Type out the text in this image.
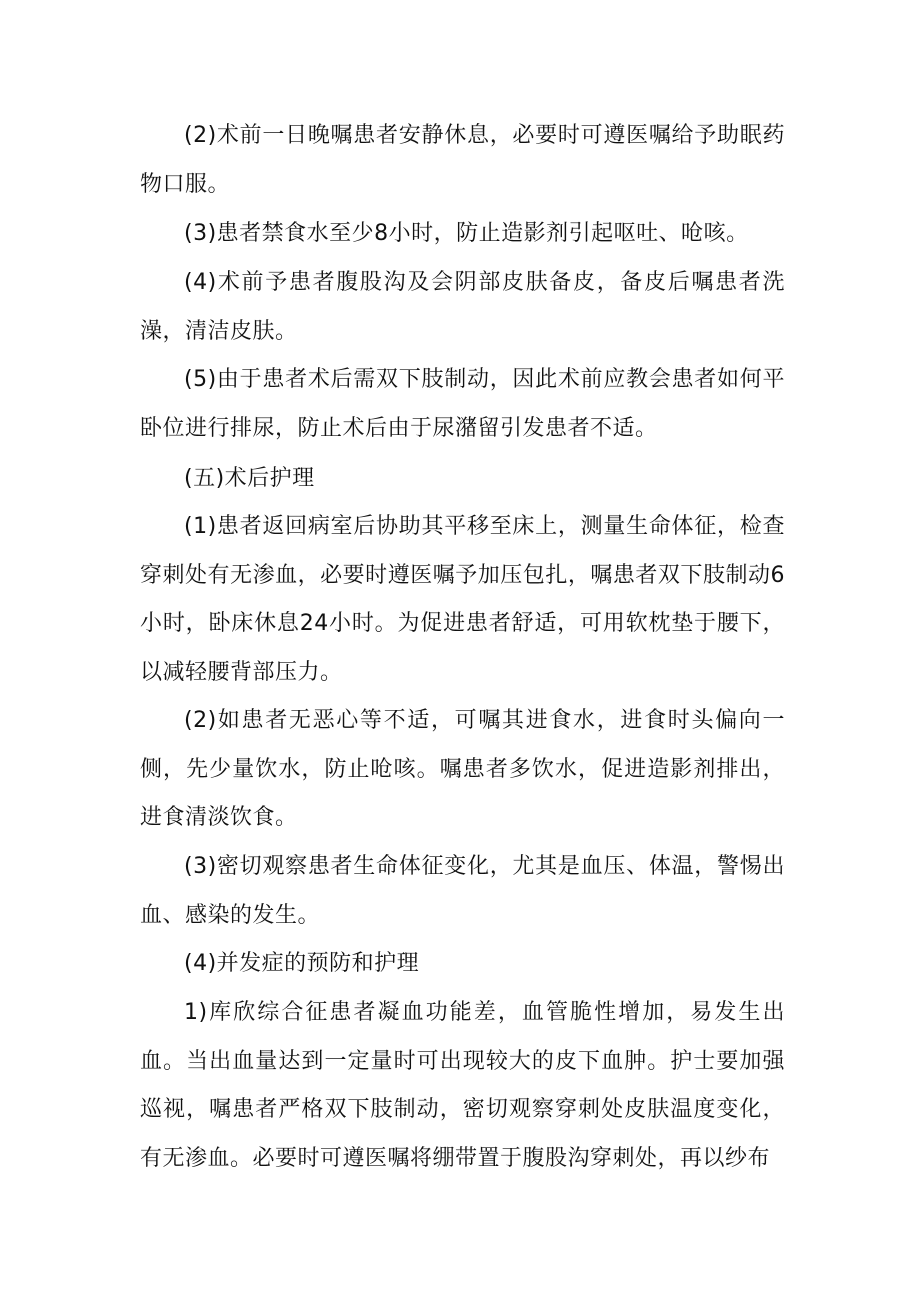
(2)术前一日晚嘱患者安静休息，必要时可遵医嘱给予助眠药物口服。

(3)患者禁食水至少8小时，防止造影剂引起呕吐、呛咳。

(4)术前予患者腹股沟及会阴部皮肤备皮，备皮后嘱患者洗澡，清洁皮肤。

(5)由于患者术后需双下肢制动，因此术前应教会患者如何平卧位进行排尿，防止术后由于尿潴留引发患者不适。

(五)术后护理

(1)患者返回病室后协助其平移至床上，测量生命体征，检查穿刺处有无渗血，必要时遵医嘱予加压包扎，嘱患者双下肢制动6小时，卧床休息24小时。为促进患者舒适，可用软枕垫于腰下，以减轻腰背部压力。

(2)如患者无恶心等不适，可嘱其进食水，进食时头偏向一侧，先少量饮水，防止呛咳。嘱患者多饮水，促进造影剂排出，进食清淡饮食。

(3)密切观察患者生命体征变化，尤其是血压、体温，警惕出血、感染的发生。

(4)并发症的预防和护理

1)库欣综合征患者凝血功能差，血管脆性增加，易发生出血。当出血量达到一定量时可出现较大的皮下血肿。护士要加强巡视，嘱患者严格双下肢制动，密切观察穿刺处皮肤温度变化，有无渗血。必要时可遵医嘱将绷带置于腹股沟穿刺处，再以纱布
